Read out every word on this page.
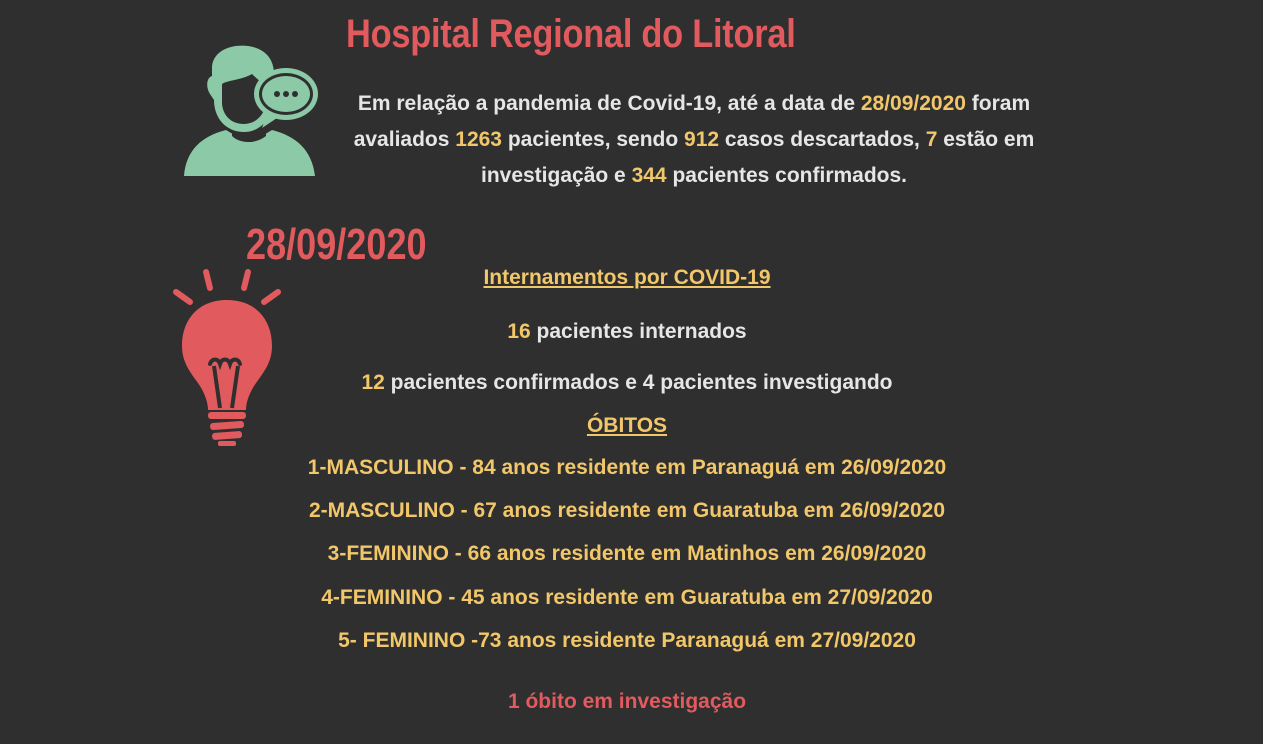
Hospital Regional do Litoral
Em relação a pandemia de Covid-19, até a data de 28/09/2020 foram avaliados 1263 pacientes, sendo 912 casos descartados, 7 estão em investigação e 344 pacientes confirmados.
28/09/2020
Internamentos por COVID-19
16 pacientes internados
12 pacientes confirmados e 4 pacientes investigando
ÓBITOS
1-MASCULINO - 84 anos residente em Paranaguá em 26/09/2020
2-MASCULINO - 67 anos residente em Guaratuba em 26/09/2020
3-FEMININO - 66 anos residente em Matinhos em 26/09/2020
4-FEMININO - 45 anos residente em Guaratuba em 27/09/2020
5- FEMININO -73 anos residente Paranaguá em 27/09/2020
1 óbito em investigação
